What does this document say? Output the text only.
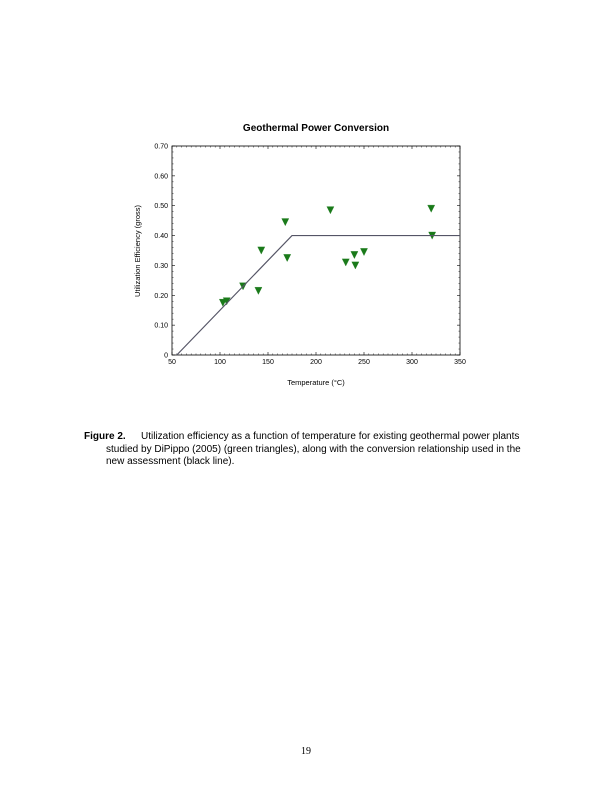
Geothermal Power Conversion
0
0.10
0.20
0.30
0.40
0.50
0.60
0.70
50	100	150	200	250	300	350
Utilization Efficiency (gross)
Temperature (°C)
Figure 2. Utilization efficiency as a function of temperature for existing geothermal power plants
studied by DiPippo (2005) (green triangles), along with the conversion relationship used in the
new assessment (black line).
19
